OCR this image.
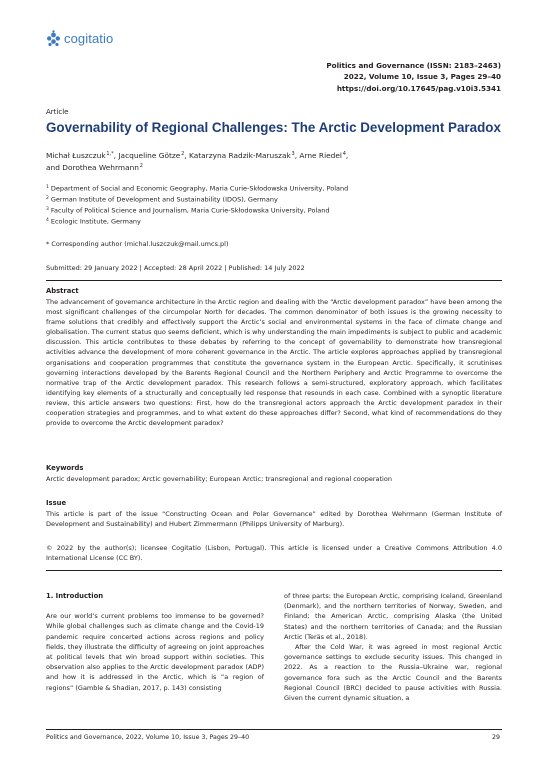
cogitatio
Politics and Governance (ISSN: 2183–2463)
2022, Volume 10, Issue 3, Pages 29–40
https://doi.org/10.17645/pag.v10i3.5341
Article
Governability of Regional Challenges: The Arctic Development Paradox
Michał Łuszczuk $^{1,*}$, Jacqueline Götze $^2$, Katarzyna Radzik-Maruszak $^3$, Arne Riedel $^4$,
and Dorothea Wehrmann $^2$
$^1$ Department of Social and Economic Geography, Maria Curie-Skłodowska University, Poland
$^2$ German Institute of Development and Sustainability (IDOS), Germany
$^3$ Faculty of Political Science and Journalism, Maria Curie-Skłodowska University, Poland
$^4$ Ecologic Institute, Germany
* Corresponding author (michal.luszczuk@mail.umcs.pl)
Submitted: 29 January 2022 | Accepted: 28 April 2022 | Published: 14 July 2022
Abstract
The advancement of governance architecture in the Arctic region and dealing with the “Arctic development paradox” have been among the most significant challenges of the circumpolar North for decades. The common denominator of both issues is the growing necessity to frame solutions that credibly and effectively support the Arctic’s social and environmental systems in the face of climate change and globalisation. The current status quo seems deficient, which is why understanding the main impediments is subject to public and academic discussion. This article contributes to these debates by referring to the concept of governability to demonstrate how transregional activities advance the development of more coherent governance in the Arctic. The article explores approaches applied by transregional organisations and cooperation programmes that constitute the governance system in the European Arctic. Specifically, it scrutinises governing interactions developed by the Barents Regional Council and the Northern Periphery and Arctic Programme to overcome the normative trap of the Arctic development paradox. This research follows a semi-structured, exploratory approach, which facilitates identifying key elements of a structurally and conceptually led response that resounds in each case. Combined with a synoptic literature review, this article answers two questions: First, how do the transregional actors approach the Arctic development paradox in their cooperation strategies and programmes, and to what extent do these approaches differ? Second, what kind of recommendations do they provide to overcome the Arctic development paradox?
Keywords
Arctic development paradox; Arctic governability; European Arctic; transregional and regional cooperation
Issue
This article is part of the issue “Constructing Ocean and Polar Governance” edited by Dorothea Wehrmann (German Institute of Development and Sustainability) and Hubert Zimmermann (Philipps University of Marburg).
© 2022 by the author(s); licensee Cogitatio (Lisbon, Portugal). This article is licensed under a Creative Commons Attribution 4.0 International License (CC BY).
1. Introduction

Are our world’s current problems too immense to be governed? While global challenges such as climate change and the Covid-19 pandemic require concerted actions across regions and policy fields, they illustrate the difficulty of agreeing on joint approaches at political levels that win broad support within societies. This observation also applies to the Arctic development paradox (ADP) and how it is addressed in the Arctic, which is “a region of regions” (Gamble & Shadian, 2017, p. 143) consisting

of three parts: the European Arctic, comprising Iceland, Greenland (Denmark), and the northern territories of Norway, Sweden, and Finland; the American Arctic, comprising Alaska (the United States) and the northern territories of Canada; and the Russian Arctic (Teräs et al., 2018).

After the Cold War, it was agreed in most regional Arctic governance settings to exclude security issues. This changed in 2022. As a reaction to the Russia–Ukraine war, regional governance fora such as the Arctic Council and the Barents Regional Council (BRC) decided to pause activities with Russia. Given the current dynamic situation, a

Politics and Governance, 2022, Volume 10, Issue 3, Pages 29–40	29
